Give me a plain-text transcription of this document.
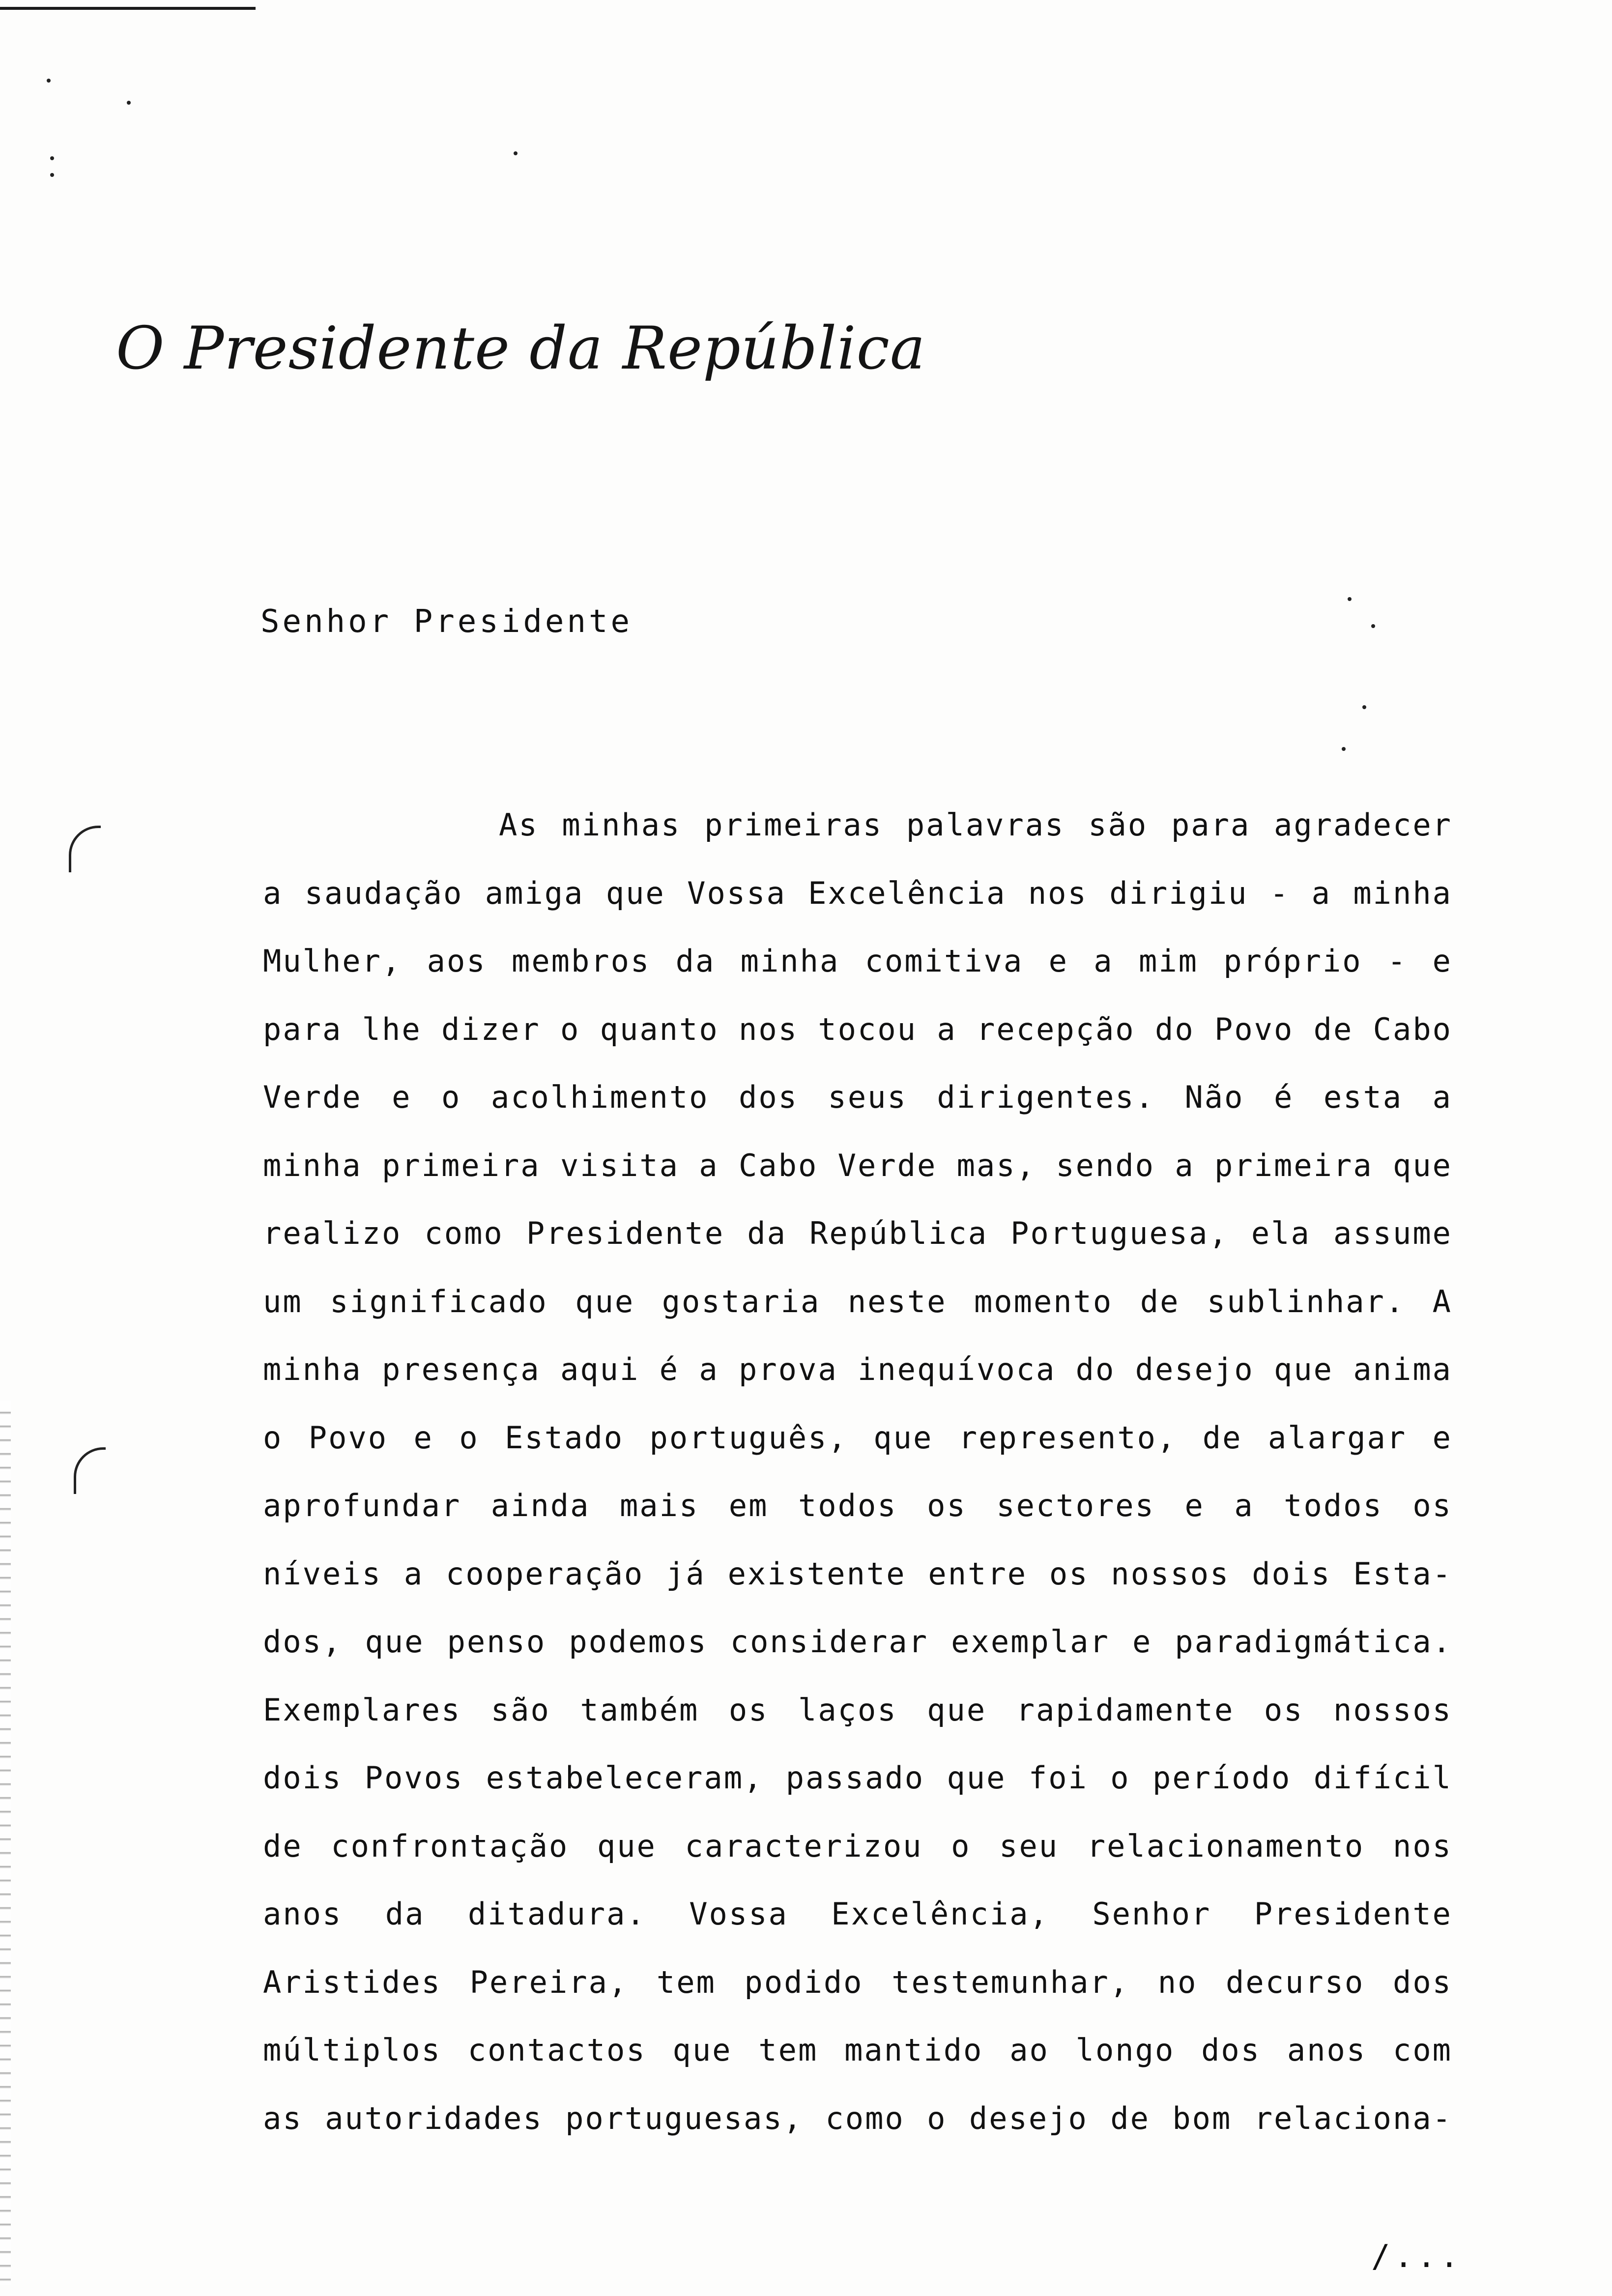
O Presidente da República
Senhor Presidente
As minhas primeiras palavras são para agradecer
a saudação amiga que Vossa Excelência nos dirigiu - a minha
Mulher, aos membros da minha comitiva e a mim próprio - e
para lhe dizer o quanto nos tocou a recepção do Povo de Cabo
Verde e o acolhimento dos seus dirigentes. Não é esta a
minha primeira visita a Cabo Verde mas, sendo a primeira que
realizo como Presidente da República Portuguesa, ela assume
um significado que gostaria neste momento de sublinhar. A
minha presença aqui é a prova inequívoca do desejo que anima
o Povo e o Estado português, que represento, de alargar e
aprofundar ainda mais em todos os sectores e a todos os
níveis a cooperação já existente entre os nossos dois Esta-
dos, que penso podemos considerar exemplar e paradigmática.
Exemplares são também os laços que rapidamente os nossos
dois Povos estabeleceram, passado que foi o período difícil
de confrontação que caracterizou o seu relacionamento nos
anos da ditadura. Vossa Excelência, Senhor Presidente
Aristides Pereira, tem podido testemunhar, no decurso dos
múltiplos contactos que tem mantido ao longo dos anos com
as autoridades portuguesas, como o desejo de bom relaciona-
/...
